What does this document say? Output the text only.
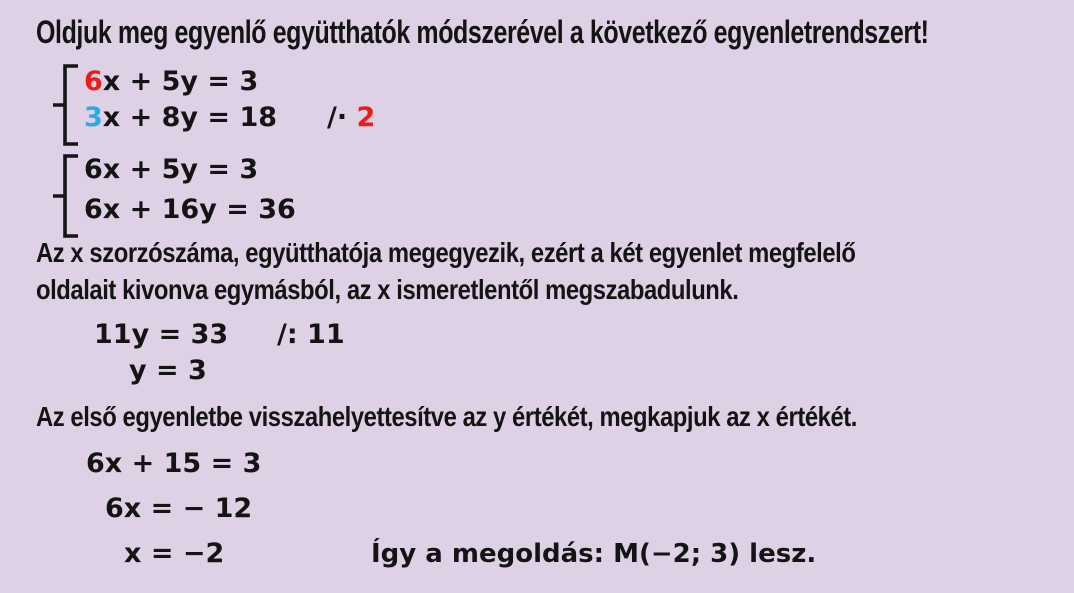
Oldjuk meg egyenlő együtthatók módszerével a következő egyenletrendszert!
6x + 5y = 3
3x + 8y = 18 /· 2
6x + 5y = 3
6x + 16y = 36
Az x szorzószáma, együtthatója megegyezik, ezért a két egyenlet megfelelő
oldalait kivonva egymásból, az x ismeretlentől megszabadulunk.
11y = 33 /: 11
y = 3
Az első egyenletbe visszahelyettesítve az y értékét, megkapjuk az x értékét.
6x + 15 = 3
6x = − 12
x = −2	Így a megoldás: M(−2; 3) lesz.
